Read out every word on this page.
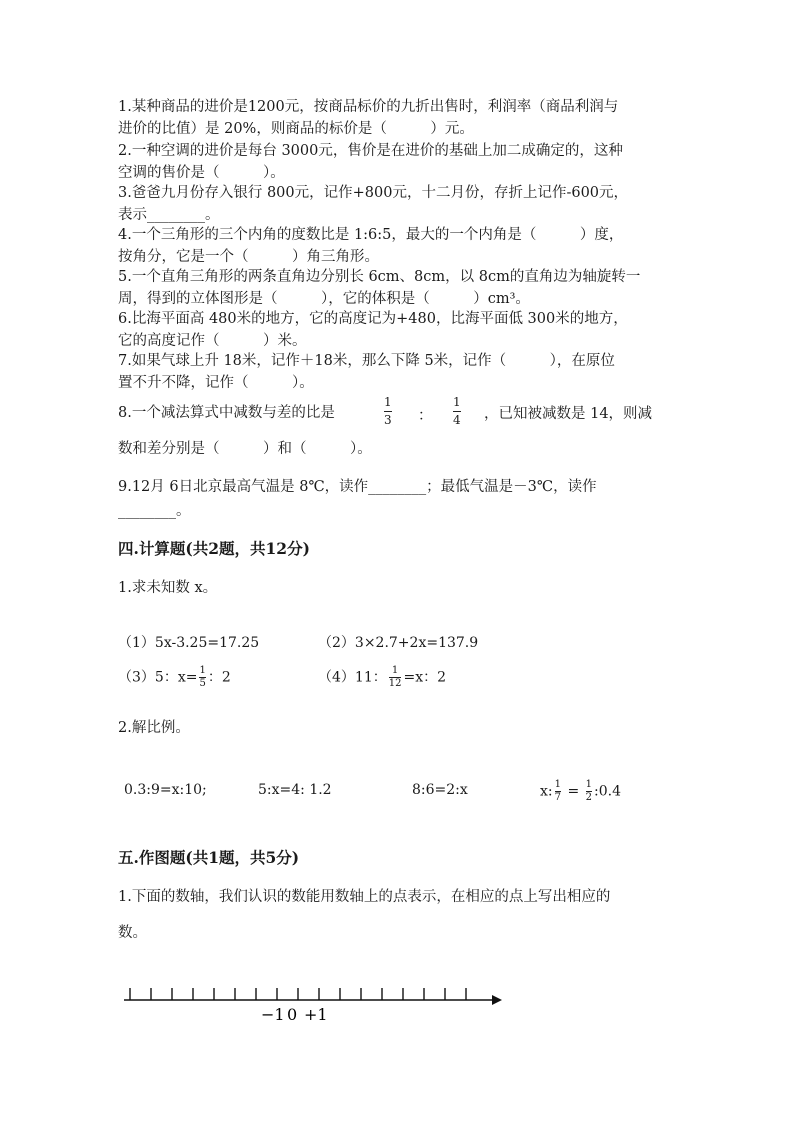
1.某种商品的进价是1200元，按商品标价的九折出售时，利润率（商品利润与
进价的比值）是 20%，则商品的标价是（　　　）元。
2.一种空调的进价是每台 3000元，售价是在进价的基础上加二成确定的，这种
空调的售价是（　　　）。
3.爸爸九月份存入银行 800元，记作+800元，十二月份，存折上记作-600元，
表示________。
4.一个三角形的三个内角的度数比是 1:6:5，最大的一个内角是（　　　）度，
按角分，它是一个（　　　）角三角形。
5.一个直角三角形的两条直角边分别长 6cm、8cm，以 8cm的直角边为轴旋转一
周，得到的立体图形是（　　　），它的体积是（　　　）cm³。
6.比海平面高 480米的地方，它的高度记为+480，比海平面低 300米的地方，
它的高度记作（　　　）米。
7.如果气球上升 18米，记作＋18米，那么下降 5米，记作（　　　），在原位
置不升不降，记作（　　　）。
8.一个减法算式中减数与差的比是
1
3 ：
1
4 ，已知被减数是 14，则减
数和差分别是（　　　）和（　　　）。
9.12月 6日北京最高气温是 8℃，读作________；最低气温是－3℃，读作
________。
四.计算题(共2题，共12分)
1.求未知数 x。
（1）5x-3.25=17.25	（2）3×2.7+2x=137.9
（3）5：$x= \frac{1}{5}$ ：2	（4）11： $\frac{1}{12} =x$：2
2.解比例。
0.3:9=x:10;	5:x=4: 1.2	8:6=2:x	x: $\frac{1}{7} = \frac{1}{2}$ :0.4
五.作图题(共1题，共5分)
1.下面的数轴，我们认识的数能用数轴上的点表示，在相应的点上写出相应的
数。
−1 0 +1
